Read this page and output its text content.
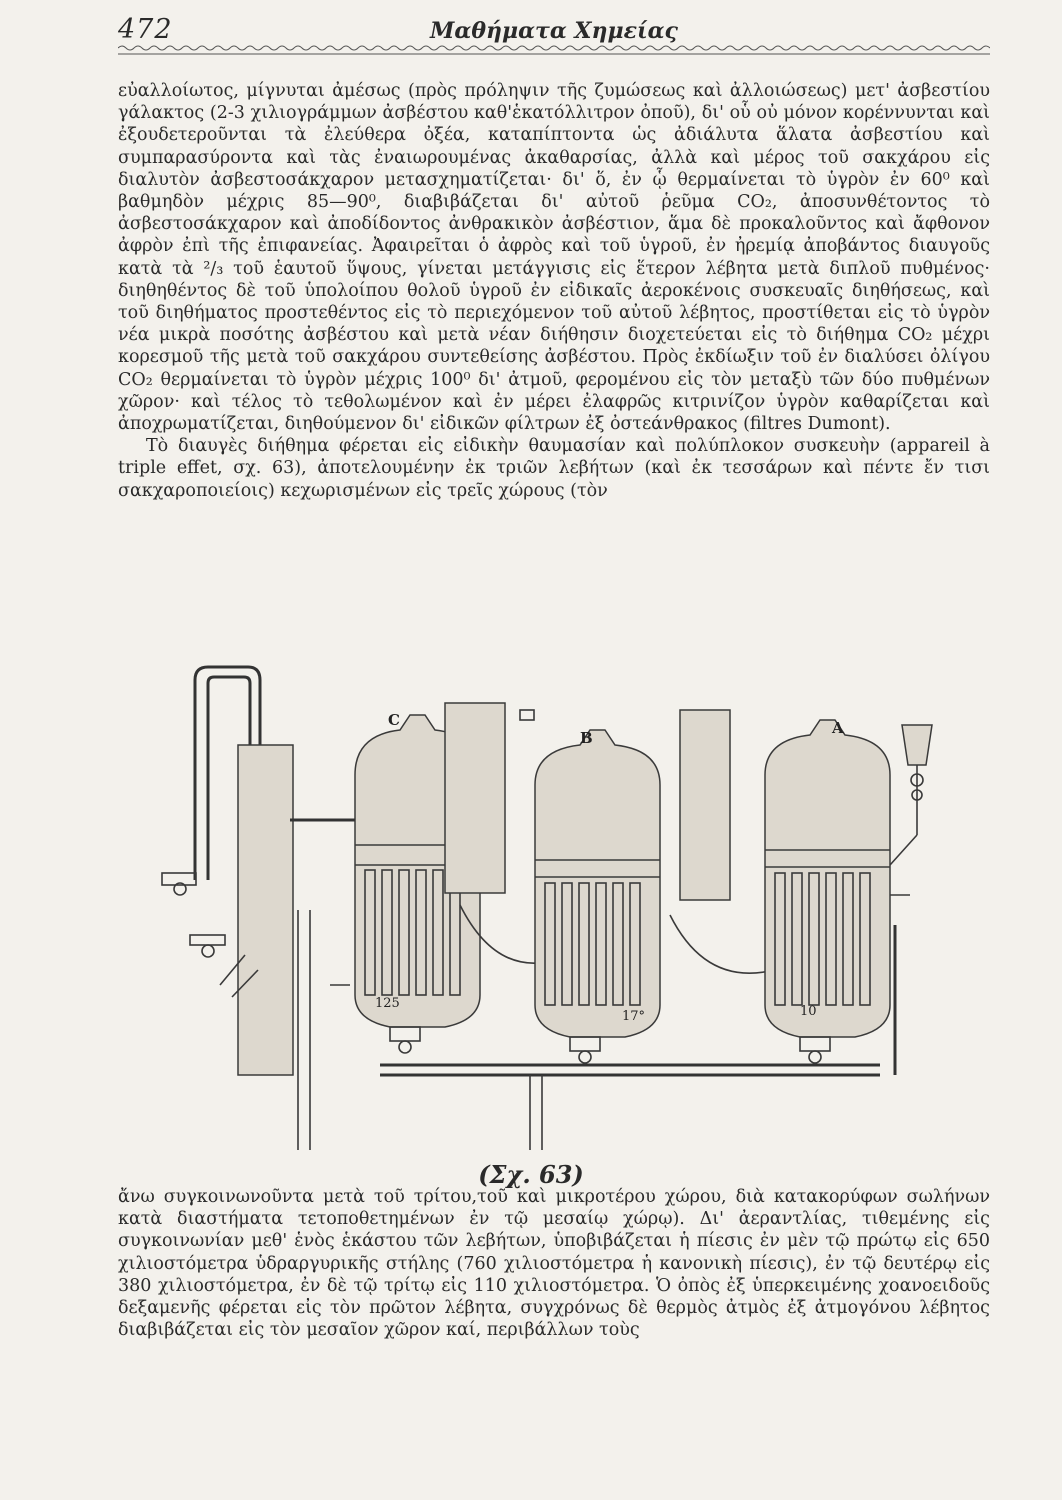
472	Μαθήματα Χημείας

εὐαλλοίωτος, μίγνυται ἀμέσως (πρὸς πρόληψιν τῆς ζυμώσεως καὶ ἀλλοιώσεως) μετ' ἀσβεστίου γάλακτος (2-3 χιλιογράμμων ἀσβέστου καθ'ἑκατόλλιτρον ὀποῦ), δι' οὗ οὐ μόνον κορέννυνται καὶ ἐξουδετεροῦνται τὰ ἐλεύθερα ὀξέα, καταπίπτοντα ὡς ἀδιάλυτα ἅλατα ἀσβεστίου καὶ συμπαρασύροντα καὶ τὰς ἐναιωρουμένας ἀκαθαρσίας, ἀλλὰ καὶ μέρος τοῦ σακχάρου εἰς διαλυτὸν ἀσβεστοσάκχαρον μετασχηματίζεται· δι' ὅ, ἐν ᾧ θερμαίνεται τὸ ὑγρὸν ἐν 60⁰ καὶ βαθμηδὸν μέχρις 85—90⁰, διαβιβάζεται δι' αὐτοῦ ῥεῦμα CO₂, ἀποσυνθέτοντος τὸ ἀσβεστοσάκχαρον καὶ ἀποδίδοντος ἀνθρακικὸν ἀσβέστιον, ἅμα δὲ προκαλοῦντος καὶ ἄφθονον ἀφρὸν ἐπὶ τῆς ἐπιφανείας. Ἀφαιρεῖται ὁ ἀφρὸς καὶ τοῦ ὑγροῦ, ἐν ἠρεμίᾳ ἀποβάντος διαυγοῦς κατὰ τὰ ²/₃ τοῦ ἑαυτοῦ ὕψους, γίνεται μετάγγισις εἰς ἕτερον λέβητα μετὰ διπλοῦ πυθμένος· διηθηθέντος δὲ τοῦ ὑπολοίπου θολοῦ ὑγροῦ ἐν εἰδικαῖς ἀεροκένοις συσκευαῖς διηθήσεως, καὶ τοῦ διηθήματος προστεθέντος εἰς τὸ περιεχόμενον τοῦ αὐτοῦ λέβητος, προστίθεται εἰς τὸ ὑγρὸν νέα μικρὰ ποσότης ἀσβέστου καὶ μετὰ νέαν διήθησιν διοχετεύεται εἰς τὸ διήθημα CO₂ μέχρι κορεσμοῦ τῆς μετὰ τοῦ σακχάρου συντεθείσης ἀσβέστου. Πρὸς ἐκδίωξιν τοῦ ἐν διαλύσει ὀλίγου CO₂ θερμαίνεται τὸ ὑγρὸν μέχρις 100⁰ δι' ἀτμοῦ, φερομένου εἰς τὸν μεταξὺ τῶν δύο πυθμένων χῶρον· καὶ τέλος τὸ τεθολωμένον καὶ ἐν μέρει ἐλαφρῶς κιτρινίζον ὑγρὸν καθαρίζεται καὶ ἀποχρωματίζεται, διηθούμενον δι' εἰδικῶν φίλτρων ἐξ ὀστεάνθρακος (filtres Dumont).

Τὸ διαυγὲς διήθημα φέρεται εἰς εἰδικὴν θαυμασίαν καὶ πολύπλοκον συσκευὴν (appareil à triple effet, σχ. 63), ἀποτελουμένην ἐκ τριῶν λεβήτων (καὶ ἐκ τεσσάρων καὶ πέντε ἔν τισι σακχαροποιείοις) κεχωρισμένων εἰς τρεῖς χώρους (τὸν

C
125
B
17°
A
10
(Σχ. 63)

ἄνω συγκοινωνοῦντα μετὰ τοῦ τρίτου,τοῦ καὶ μικροτέρου χώρου, διὰ κατακορύφων σωλήνων κατὰ διαστήματα τετοποθετημένων ἐν τῷ μεσαίῳ χώρῳ). Δι' ἀεραντλίας, τιθεμένης εἰς συγκοινωνίαν μεθ' ἑνὸς ἑκάστου τῶν λεβήτων, ὑποβιβάζεται ἡ πίεσις ἐν μὲν τῷ πρώτῳ εἰς 650 χιλιοστόμετρα ὑδραργυρικῆς στήλης (760 χιλιοστόμετρα ἡ κανονικὴ πίεσις), ἐν τῷ δευτέρῳ εἰς 380 χιλιοστόμετρα, ἐν δὲ τῷ τρίτῳ εἰς 110 χιλιοστόμετρα. Ὁ ὀπὸς ἐξ ὑπερκειμένης χοανοειδοῦς δεξαμενῆς φέρεται εἰς τὸν πρῶτον λέβητα, συγχρόνως δὲ θερμὸς ἀτμὸς ἐξ ἀτμογόνου λέβητος διαβιβάζεται εἰς τὸν μεσαῖον χῶρον καί, περιβάλλων τοὺς
